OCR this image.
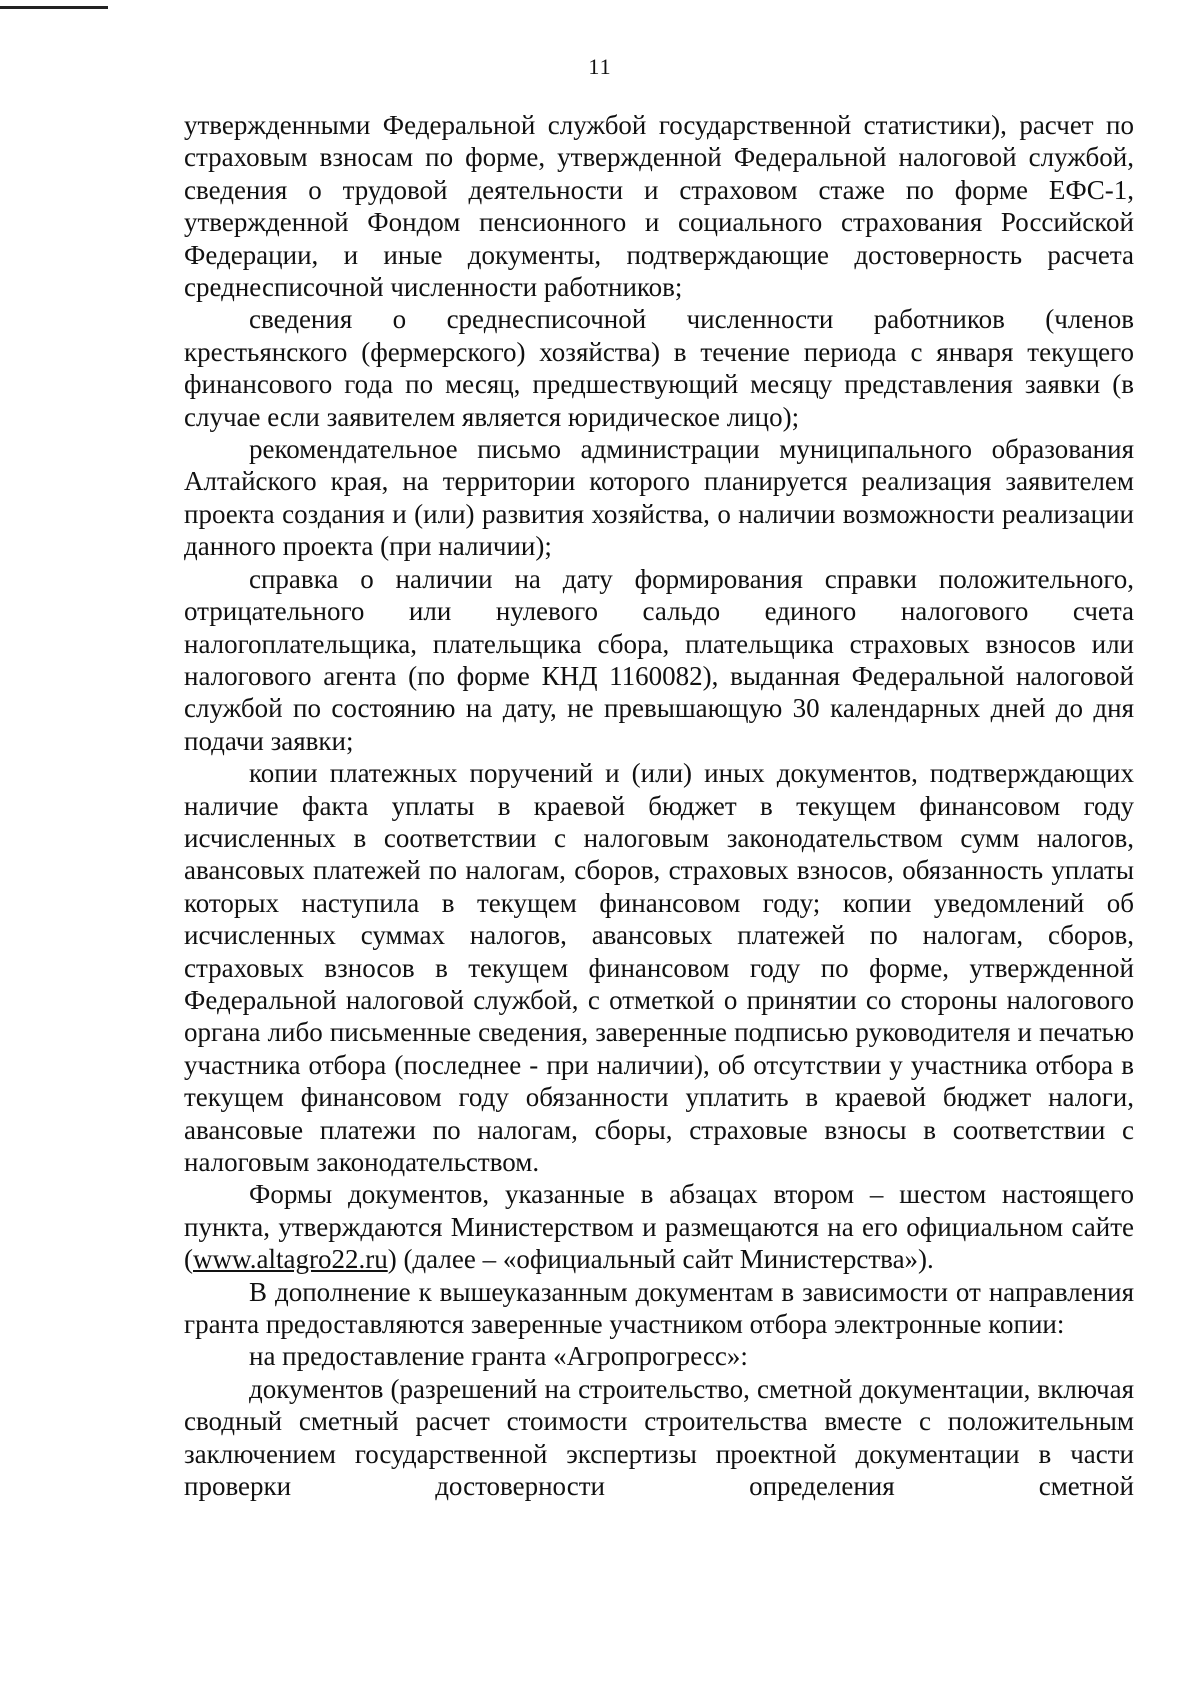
11

утвержденными Федеральной службой государственной статистики), расчет по страховым взносам по форме, утвержденной Федеральной налоговой службой, сведения о трудовой деятельности и страховом стаже по форме ЕФС-1, утвержденной Фондом пенсионного и социального страхования Российской Федерации, и иные документы, подтверждающие достоверность расчета среднесписочной численности работников;

сведения о среднесписочной численности работников (членов крестьянского (фермерского) хозяйства) в течение периода с января текущего финансового года по месяц, предшествующий месяцу представления заявки (в случае если заявителем является юридическое лицо);

рекомендательное письмо администрации муниципального образования Алтайского края, на территории которого планируется реализация заявителем проекта создания и (или) развития хозяйства, о наличии возможности реализации данного проекта (при наличии);

справка о наличии на дату формирования справки положительного, отрицательного или нулевого сальдо единого налогового счета налогоплательщика, плательщика сбора, плательщика страховых взносов или налогового агента (по форме КНД 1160082), выданная Федеральной налоговой службой по состоянию на дату, не превышающую 30 календарных дней до дня подачи заявки;

копии платежных поручений и (или) иных документов, подтверждающих наличие факта уплаты в краевой бюджет в текущем финансовом году исчисленных в соответствии с налоговым законодательством сумм налогов, авансовых платежей по налогам, сборов, страховых взносов, обязанность уплаты которых наступила в текущем финансовом году; копии уведомлений об исчисленных суммах налогов, авансовых платежей по налогам, сборов, страховых взносов в текущем финансовом году по форме, утвержденной Федеральной налоговой службой, с отметкой о принятии со стороны налогового органа либо письменные сведения, заверенные подписью руководителя и печатью участника отбора (последнее - при наличии), об отсутствии у участника отбора в текущем финансовом году обязанности уплатить в краевой бюджет налоги, авансовые платежи по налогам, сборы, страховые взносы в соответствии с налоговым законодательством.

Формы документов, указанные в абзацах втором – шестом настоящего пункта, утверждаются Министерством и размещаются на его официальном сайте (www.altagro22.ru) (далее – «официальный сайт Министерства»).

В дополнение к вышеуказанным документам в зависимости от направления гранта предоставляются заверенные участником отбора электронные копии:

на предоставление гранта «Агропрогресс»:

документов (разрешений на строительство, сметной документации, включая сводный сметный расчет стоимости строительства вместе с положительным заключением государственной экспертизы проектной документации в части проверки достоверности определения сметной
